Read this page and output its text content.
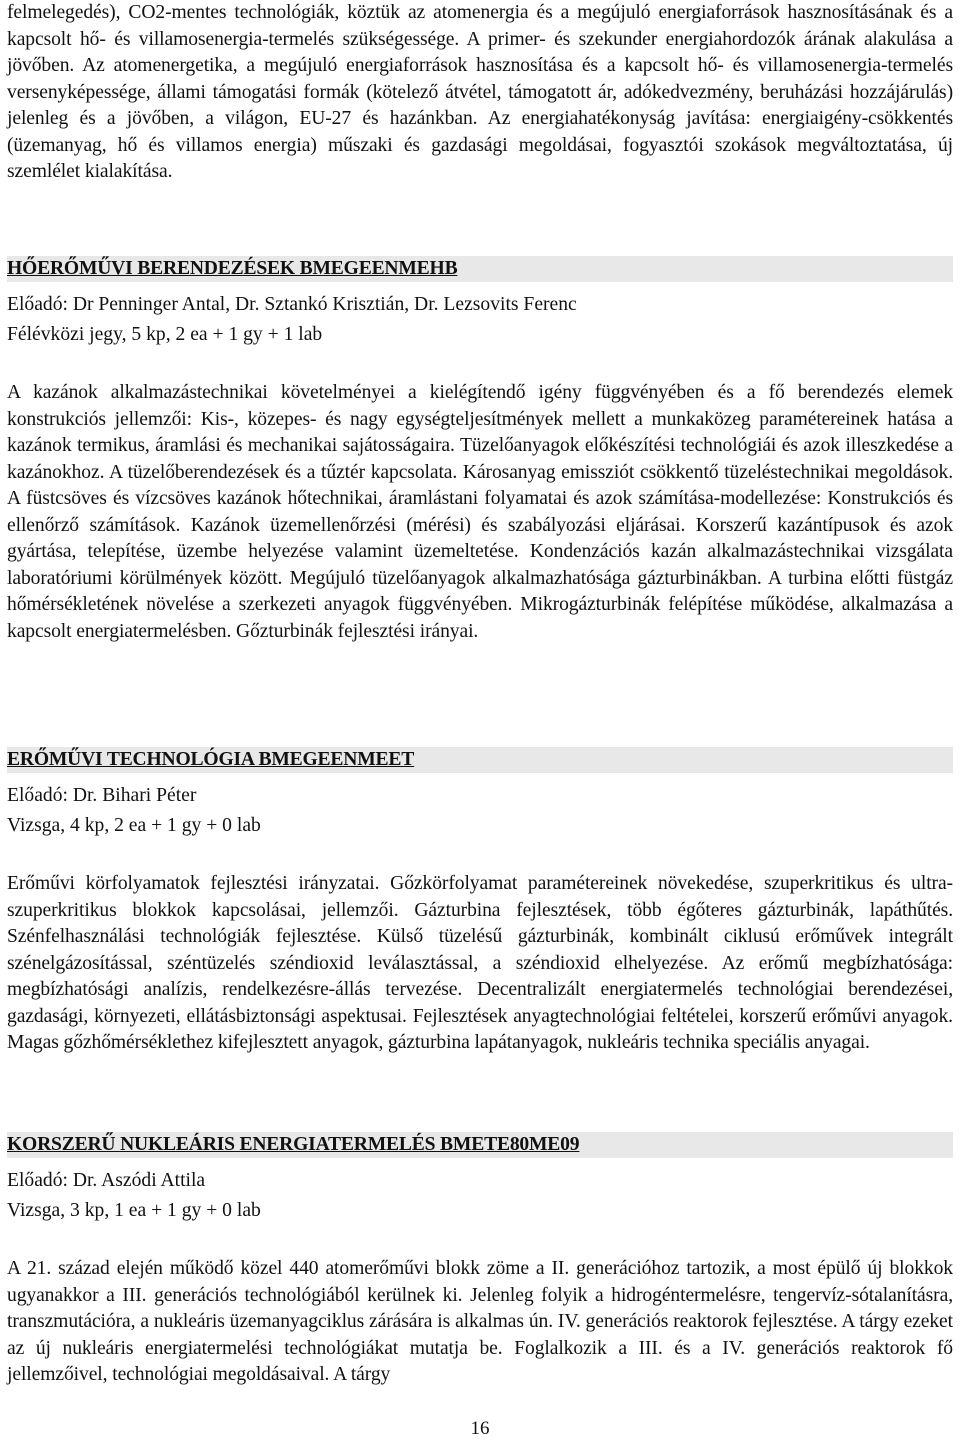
felmelegedés), CO2-mentes technológiák, köztük az atomenergia és a megújuló energiaforrások hasznosításának és a kapcsolt hő- és villamosenergia-termelés szükségessége. A primer- és szekunder energiahordozók árának alakulása a jövőben. Az atomenergetika, a megújuló energiaforrások hasznosítása és a kapcsolt hő- és villamosenergia-termelés versenyképessége, állami támogatási formák (kötelező átvétel, támogatott ár, adókedvezmény, beruházási hozzájárulás) jelenleg és a jövőben, a világon, EU-27 és hazánkban. Az energiahatékonyság javítása: energiaigény-csökkentés (üzemanyag, hő és villamos energia) műszaki és gazdasági megoldásai, fogyasztói szokások megváltoztatása, új szemlélet kialakítása.

HŐERŐMŰVI BERENDEZÉSEK BMEGEENMEHB

Előadó: Dr Penninger Antal, Dr. Sztankó Krisztián, Dr. Lezsovits Ferenc

Félévközi jegy, 5 kp, 2 ea + 1 gy + 1 lab

A kazánok alkalmazástechnikai követelményei a kielégítendő igény függvényében és a fő berendezés elemek konstrukciós jellemzői: Kis-, közepes- és nagy egységteljesítmények mellett a munkaközeg paramétereinek hatása a kazánok termikus, áramlási és mechanikai sajátosságaira. Tüzelőanyagok előkészítési technológiái és azok illeszkedése a kazánokhoz. A tüzelőberendezések és a tűztér kapcsolata. Károsanyag emissziót csökkentő tüzeléstechnikai megoldások. A füstcsöves és vízcsöves kazánok hőtechnikai, áramlástani folyamatai és azok számítása-modellezése: Konstrukciós és ellenőrző számítások. Kazánok üzemellenőrzési (mérési) és szabályozási eljárásai. Korszerű kazántípusok és azok gyártása, telepítése, üzembe helyezése valamint üzemeltetése. Kondenzációs kazán alkalmazástechnikai vizsgálata laboratóriumi körülmények között. Megújuló tüzelőanyagok alkalmazhatósága gázturbinákban. A turbina előtti füstgáz hőmérsékletének növelése a szerkezeti anyagok függvényében. Mikrogázturbinák felépítése működése, alkalmazása a kapcsolt energiatermelésben. Gőzturbinák fejlesztési irányai.

ERŐMŰVI TECHNOLÓGIA BMEGEENMEET

Előadó: Dr. Bihari Péter

Vizsga, 4 kp, 2 ea + 1 gy + 0 lab

Erőművi körfolyamatok fejlesztési irányzatai. Gőzkörfolyamat paramétereinek növekedése, szuperkritikus és ultra-szuperkritikus blokkok kapcsolásai, jellemzői. Gázturbina fejlesztések, több égőteres gázturbinák, lapáthűtés. Szénfelhasználási technológiák fejlesztése. Külső tüzelésű gázturbinák, kombinált ciklusú erőművek integrált szénelgázosítással, széntüzelés széndioxid leválasztással, a széndioxid elhelyezése. Az erőmű megbízhatósága: megbízhatósági analízis, rendelkezésre-állás tervezése. Decentralizált energiatermelés technológiai berendezései, gazdasági, környezeti, ellátásbiztonsági aspektusai. Fejlesztések anyagtechnológiai feltételei, korszerű erőművi anyagok. Magas gőzhőmérséklethez kifejlesztett anyagok, gázturbina lapátanyagok, nukleáris technika speciális anyagai.

KORSZERŰ NUKLEÁRIS ENERGIATERMELÉS BMETE80ME09

Előadó: Dr. Aszódi Attila

Vizsga, 3 kp, 1 ea + 1 gy + 0 lab

A 21. század elején működő közel 440 atomerőművi blokk zöme a II. generációhoz tartozik, a most épülő új blokkok ugyanakkor a III. generációs technológiából kerülnek ki. Jelenleg folyik a hidrogéntermelésre, tengervíz-sótalanításra, transzmutációra, a nukleáris üzemanyagciklus zárására is alkalmas ún. IV. generációs reaktorok fejlesztése. A tárgy ezeket az új nukleáris energiatermelési technológiákat mutatja be. Foglalkozik a III. és a IV. generációs reaktorok fő jellemzőivel, technológiai megoldásaival. A tárgy

16
